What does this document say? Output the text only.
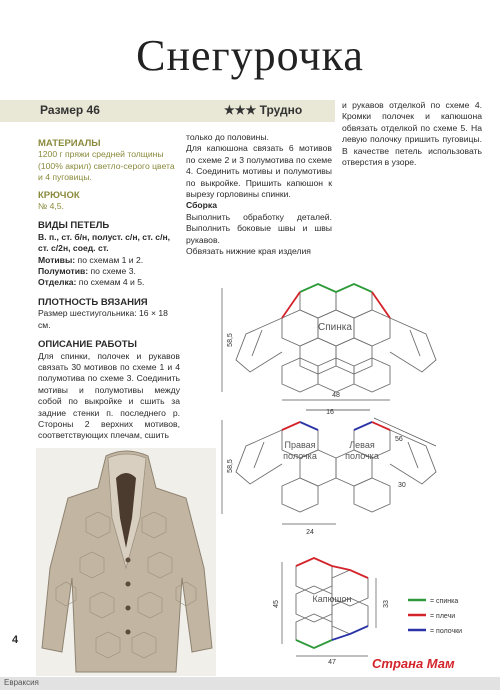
Снегурочка
Размер 46	★★★ Трудно
МАТЕРИАЛЫ
1200 г пряжи средней толщины (100% акрил) светло-серого цвета и 4 пуговицы.
КРЮЧОК
№ 4,5.
ВИДЫ ПЕТЕЛЬ
В. п., ст. б/н, полуст. с/н, ст. с/н, ст. с/2н, соед. ст.
Мотивы: по схемам 1 и 2.
Полумотив: по схеме 3.
Отделка: по схемам 4 и 5.
ПЛОТНОСТЬ ВЯЗАНИЯ
Размер шестиугольника: 16 × 18 см.
ОПИСАНИЕ РАБОТЫ
Для спинки, полочек и рукавов связать 30 мотивов по схеме 1 и 4 полумотива по схеме 3. Соединить мотивы и полумотивы между собой по выкройке и сшить за задние стенки п. последнего р. Стороны 2 верхних мотивов, соответствующих плечам, сшить
только до половины.
Для капюшона связать 6 мотивов по схеме 2 и 3 полумотива по схеме 4. Соединить мотивы и полумотивы по выкройке. Пришить капюшон к вырезу горловины спинки.
Сборка
Выполнить обработку деталей. Выполнить боковые швы и швы рукавов.
Обвязать нижние края изделия
и рукавов отделкой по схеме 4. Кромки полочек и капюшона обвязать отделкой по схеме 5. На левую полочку пришить пуговицы. В качестве петель использовать отверстия в узоре.
Спинка
58,5
48
Правая
полочка
Левая
полочка
16
56
30
58,5
24
Капюшон
45	33
47
= спинка
= плечи
= полочки
4
Страна Мам
Евраксия
